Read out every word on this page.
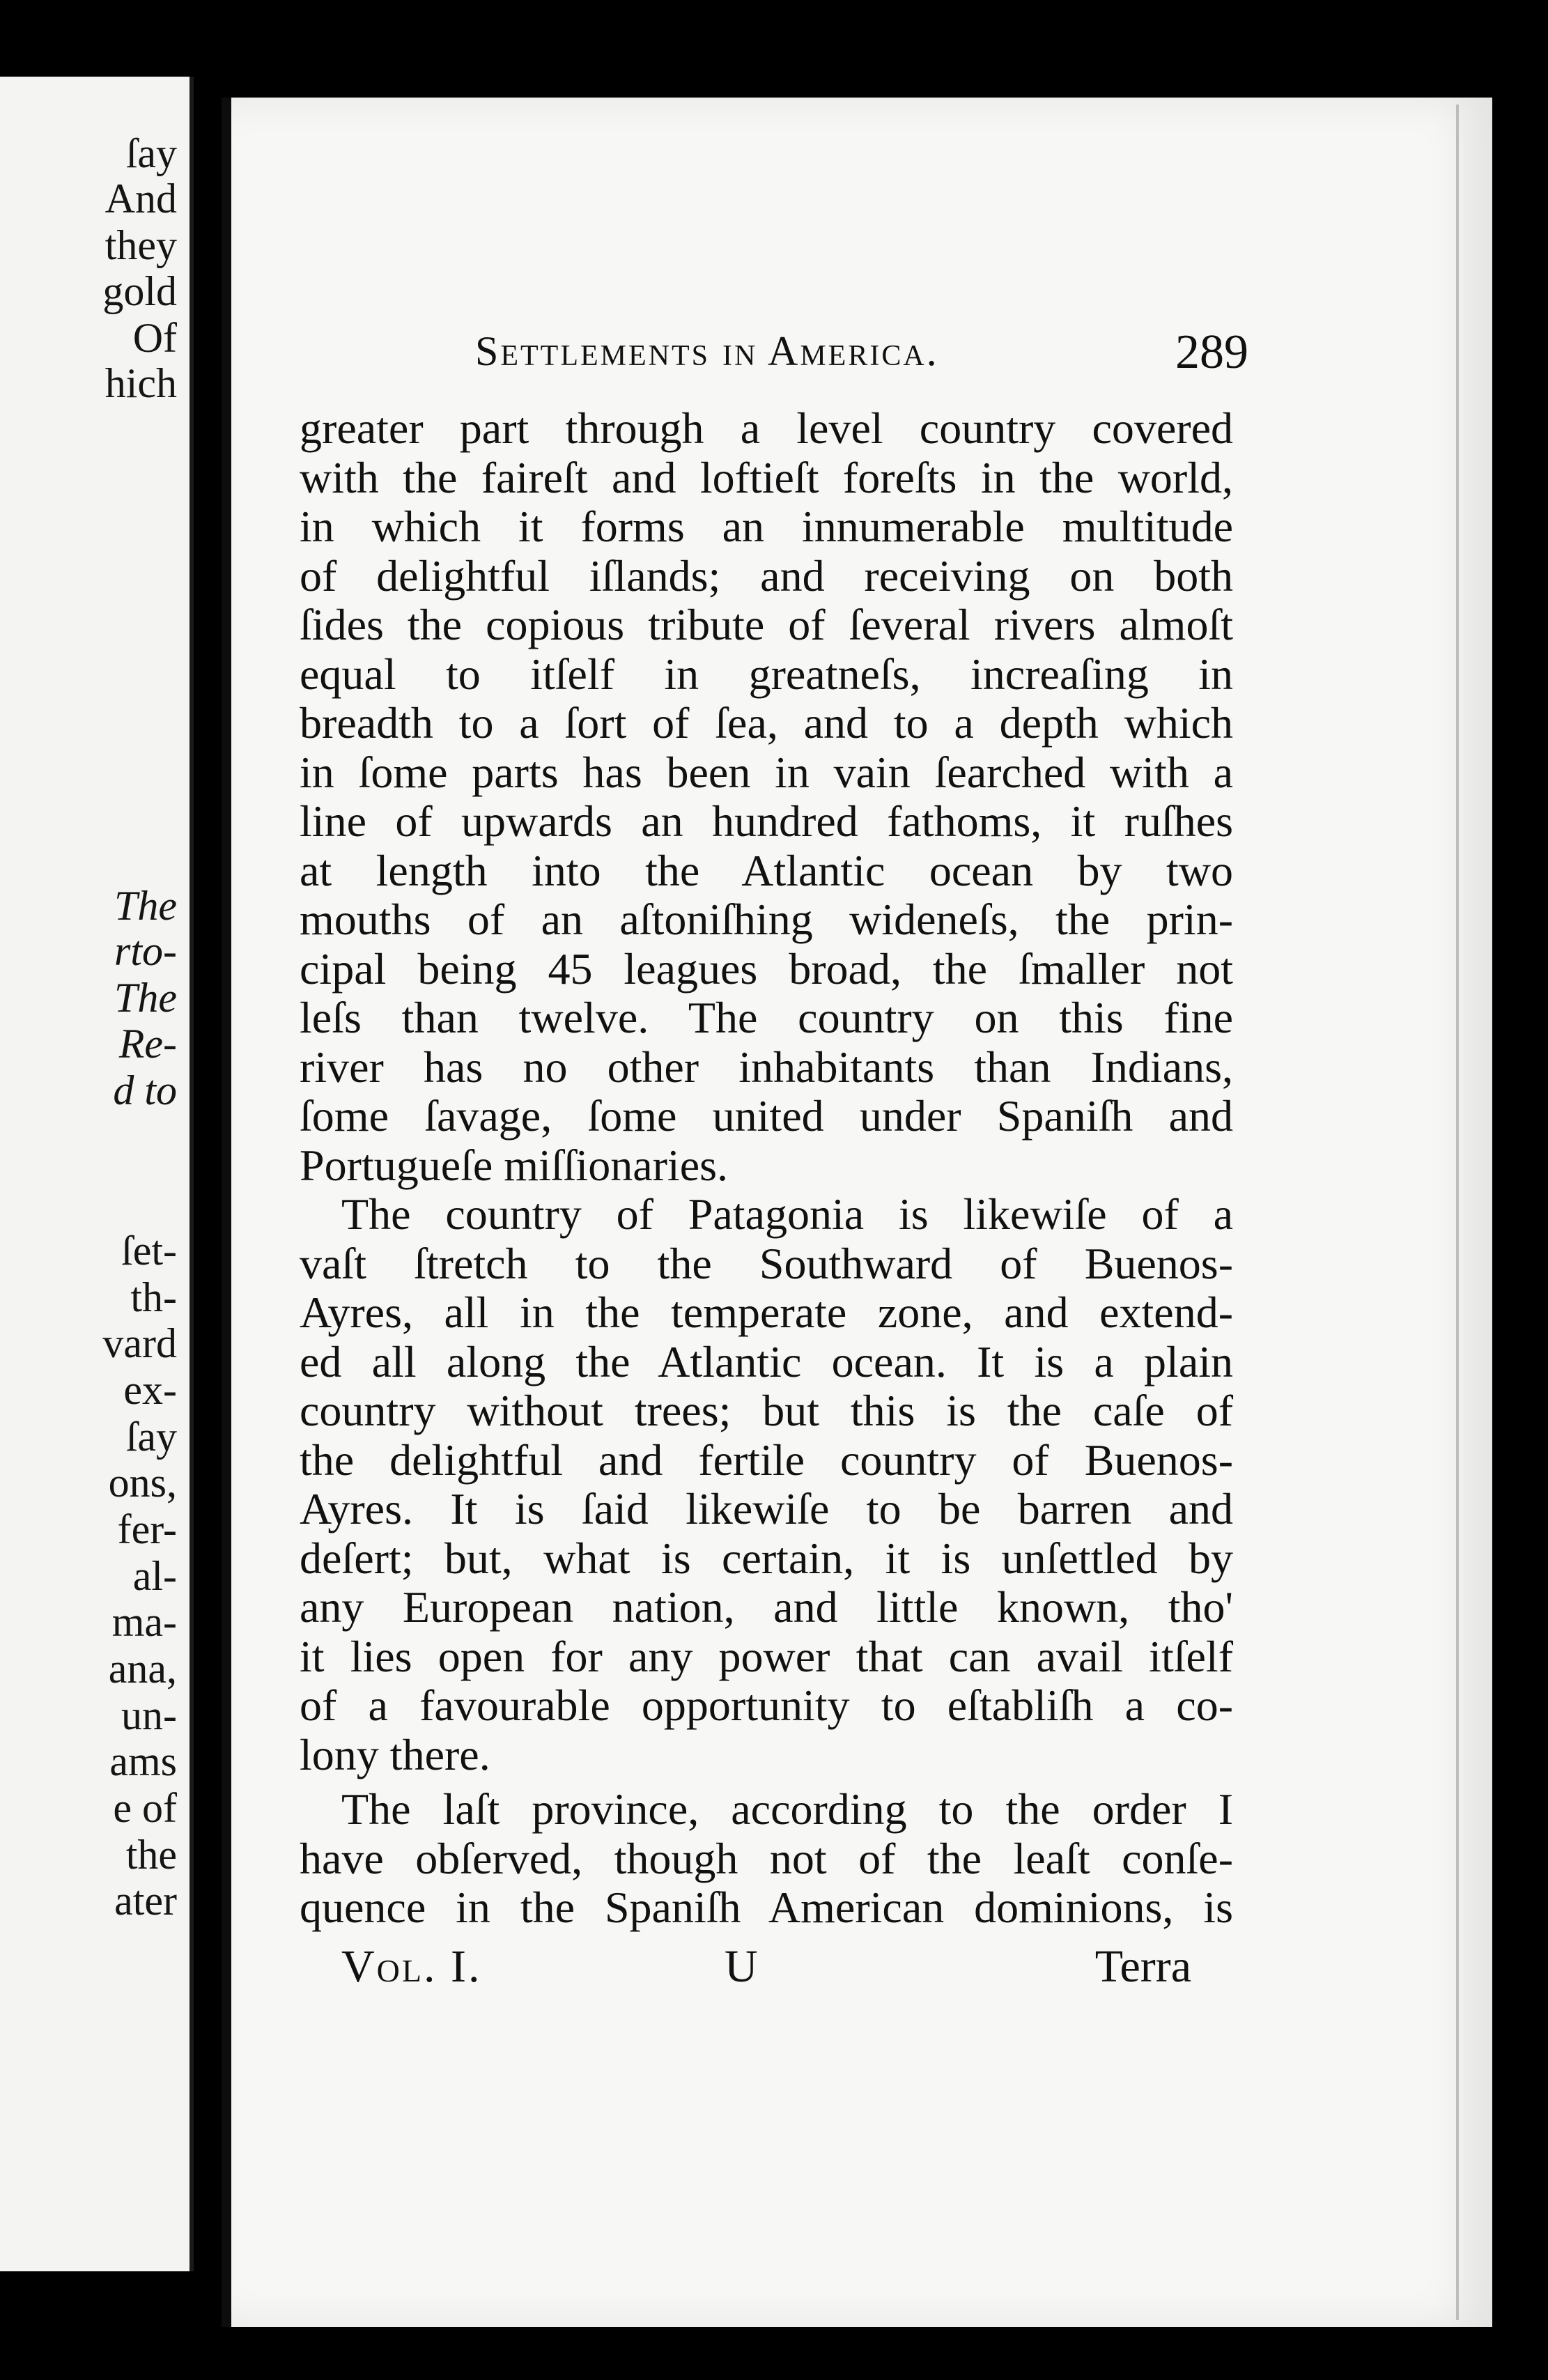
ſay
And
they
gold
Of
hich
The
rto-
The
Re-
d to
ſet-
th-
vard
ex-
ſay
ons,
fer-
al-
ma-
ana,
un-
ams
e of
the
ater
Settlements in America.	289
greater part through a level country covered
with the faireſt and loftieſt foreſts in the world,
in which it forms an innumerable multitude
of delightful iſlands; and receiving on both
ſides the copious tribute of ſeveral rivers almoſt
equal to itſelf in greatneſs, increaſing in
breadth to a ſort of ſea, and to a depth which
in ſome parts has been in vain ſearched with a
line of upwards an hundred fathoms, it ruſhes
at length into the Atlantic ocean by two
mouths of an aſtoniſhing wideneſs, the prin-
cipal being 45 leagues broad, the ſmaller not
leſs than twelve. The country on this fine
river has no other inhabitants than Indians,
ſome ſavage, ſome united under Spaniſh and
Portugueſe miſſionaries.
The country of Patagonia is likewiſe of a
vaſt ſtretch to the Southward of Buenos-
Ayres, all in the temperate zone, and extend-
ed all along the Atlantic ocean. It is a plain
country without trees; but this is the caſe of
the delightful and fertile country of Buenos-
Ayres. It is ſaid likewiſe to be barren and
deſert; but, what is certain, it is unſettled by
any European nation, and little known, tho'
it lies open for any power that can avail itſelf
of a favourable opportunity to eſtabliſh a co-
lony there.
The laſt province, according to the order I
have obſerved, though not of the leaſt conſe-
quence in the Spaniſh American dominions, is
Vol. I.	U	Terra
